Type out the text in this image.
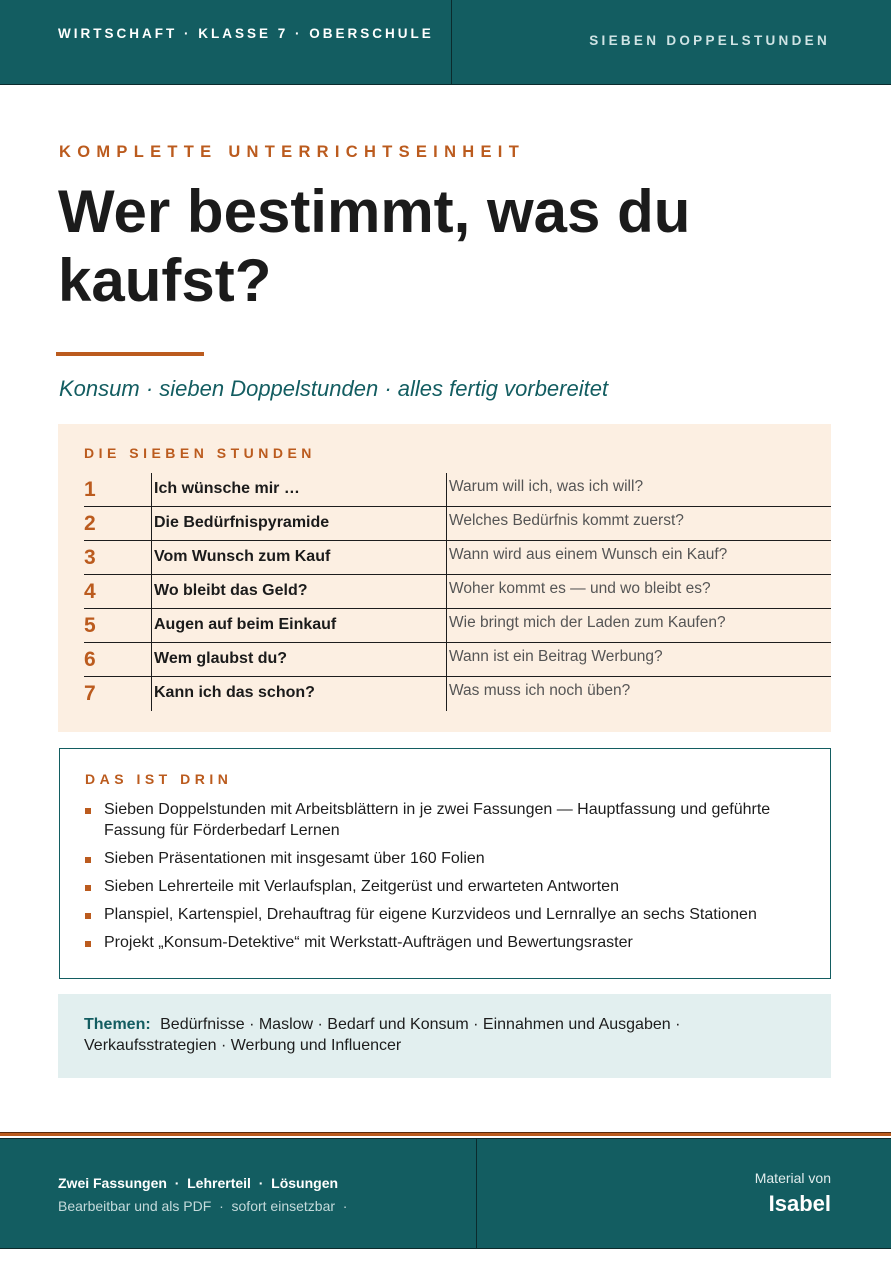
WIRTSCHAFT · KLASSE 7 · OBERSCHULE	SIEBEN DOPPELSTUNDEN
KOMPLETTE UNTERRICHTSEINHEIT
Wer bestimmt, was du kaufst?
Konsum · sieben Doppelstunden · alles fertig vorbereitet
DIE SIEBEN STUNDEN
1	Ich wünsche mir …	Warum will ich, was ich will?
2	Die Bedürfnispyramide	Welches Bedürfnis kommt zuerst?
3	Vom Wunsch zum Kauf	Wann wird aus einem Wunsch ein Kauf?
4	Wo bleibt das Geld?	Woher kommt es — und wo bleibt es?
5	Augen auf beim Einkauf	Wie bringt mich der Laden zum Kaufen?
6	Wem glaubst du?	Wann ist ein Beitrag Werbung?
7	Kann ich das schon?	Was muss ich noch üben?
DAS IST DRIN
Sieben Doppelstunden mit Arbeitsblättern in je zwei Fassungen — Hauptfassung und geführte Fassung für Förderbedarf Lernen
Sieben Präsentationen mit insgesamt über 160 Folien
Sieben Lehrerteile mit Verlaufsplan, Zeitgerüst und erwarteten Antworten
Planspiel, Kartenspiel, Drehauftrag für eigene Kurzvideos und Lernrallye an sechs Stationen
Projekt „Konsum-Detektive“ mit Werkstatt-Aufträgen und Bewertungsraster
Themen: Bedürfnisse · Maslow · Bedarf und Konsum · Einnahmen und Ausgaben · Verkaufsstrategien · Werbung und Influencer
Zwei Fassungen  ·  Lehrerteil  ·  Lösungen
Bearbeitbar und als PDF  ·  sofort einsetzbar  ·
Material von
Isabel
